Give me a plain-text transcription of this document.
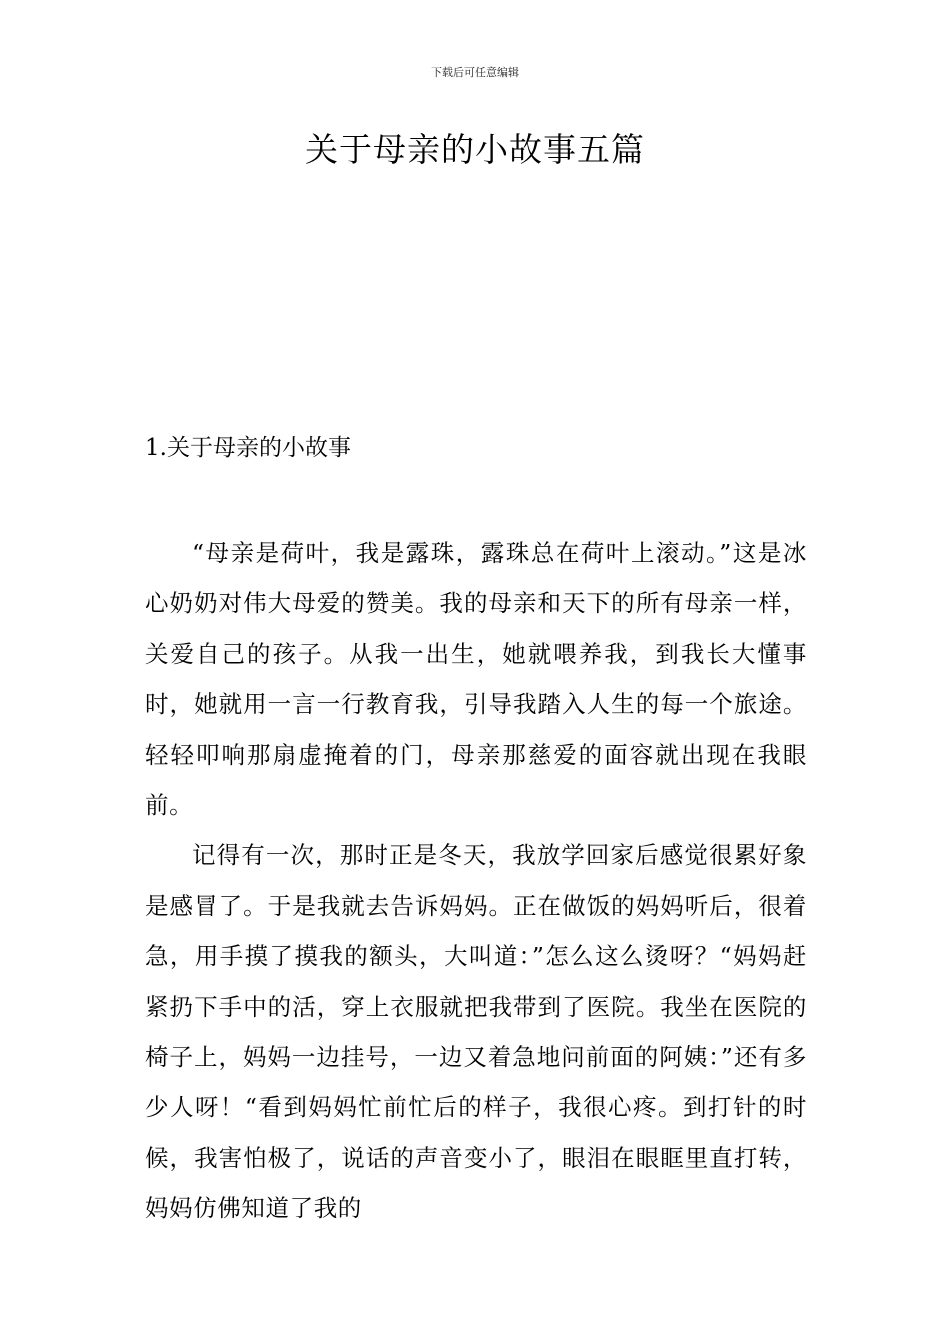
下载后可任意编辑
关于母亲的小故事五篇
1.关于母亲的小故事

“母亲是荷叶，我是露珠，露珠总在荷叶上滚动。”这是冰心奶奶对伟大母爱的赞美。我的母亲和天下的所有母亲一样，关爱自己的孩子。从我一出生，她就喂养我，到我长大懂事时，她就用一言一行教育我，引导我踏入人生的每一个旅途。轻轻叩响那扇虚掩着的门，母亲那慈爱的面容就出现在我眼前。

记得有一次，那时正是冬天，我放学回家后感觉很累好象是感冒了。于是我就去告诉妈妈。正在做饭的妈妈听后，很着急，用手摸了摸我的额头，大叫道：”怎么这么烫呀？“妈妈赶紧扔下手中的活，穿上衣服就把我带到了医院。我坐在医院的椅子上，妈妈一边挂号，一边又着急地问前面的阿姨：”还有多少人呀！“看到妈妈忙前忙后的样子，我很心疼。到打针的时候，我害怕极了，说话的声音变小了，眼泪在眼眶里直打转，妈妈仿佛知道了我的
